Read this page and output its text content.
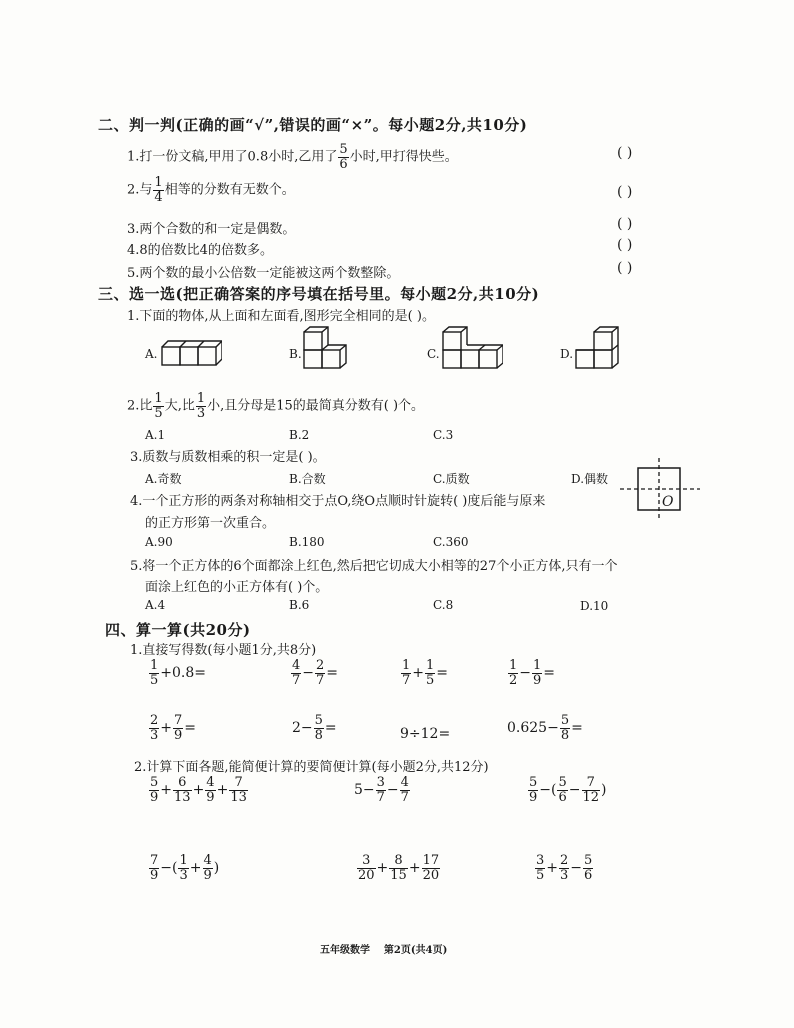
二、判一判(正确的画“√”,错误的画“×”。每小题2分,共10分)
1.打一份文稿,甲用了0.8小时,乙用了 $\frac{5}{6}$ 小时,甲打得快些。	( )
2.与 $\frac{1}{4}$ 相等的分数有无数个。	( )
3.两个合数的和一定是偶数。	( )
4.8的倍数比4的倍数多。	( )
5.两个数的最小公倍数一定能被这两个数整除。	( )
三、选一选(把正确答案的序号填在括号里。每小题2分,共10分)
1.下面的物体,从上面和左面看,图形完全相同的是( )。
A.	B.	C.	D.
2.比 $\frac{1}{5}$ 大,比 $\frac{1}{3}$ 小,且分母是15的最简真分数有( )个。
A.1	B.2	C.3
3.质数与质数相乘的积一定是( )。
A.奇数	B.合数	C.质数	D.偶数
O
4.一个正方形的两条对称轴相交于点O,绕O点顺时针旋转( )度后能与原来
的正方形第一次重合。
A.90	B.180	C.360
5.将一个正方体的6个面都涂上红色,然后把它切成大小相等的27个小正方体,只有一个
面涂上红色的小正方体有( )个。
A.4	B.6	C.8	D.10
四、算一算(共20分)
1.直接写得数(每小题1分,共8分)
$\frac{1}{5} +0.8=$	$\frac{4}{7} - \frac{2}{7}$ =	$\frac{1}{7} + \frac{1}{5}$ =	$\frac{1}{2} - \frac{1}{9}$ =
$\frac{2}{3} + \frac{7}{9}$ =	$2- \frac{5}{8}$ =	9÷12=	$0.625- \frac{5}{8}$ =
2.计算下面各题,能简便计算的要简便计算(每小题2分,共12分)
$\frac{5}{9} + \frac{6}{13} + \frac{4}{9} + \frac{7}{13}$	$5- \frac{3}{7} - \frac{4}{7}$	$\frac{5}{9}$ −( $\frac{5}{6} - \frac{7}{12}$ )
$\frac{7}{9}$ −( $\frac{1}{3} + \frac{4}{9}$ )	$\frac{3}{20} + \frac{8}{15} + \frac{17}{20}$	$\frac{3}{5} + \frac{2}{3} - \frac{5}{6}$
五年级数学    第2页(共4页)
